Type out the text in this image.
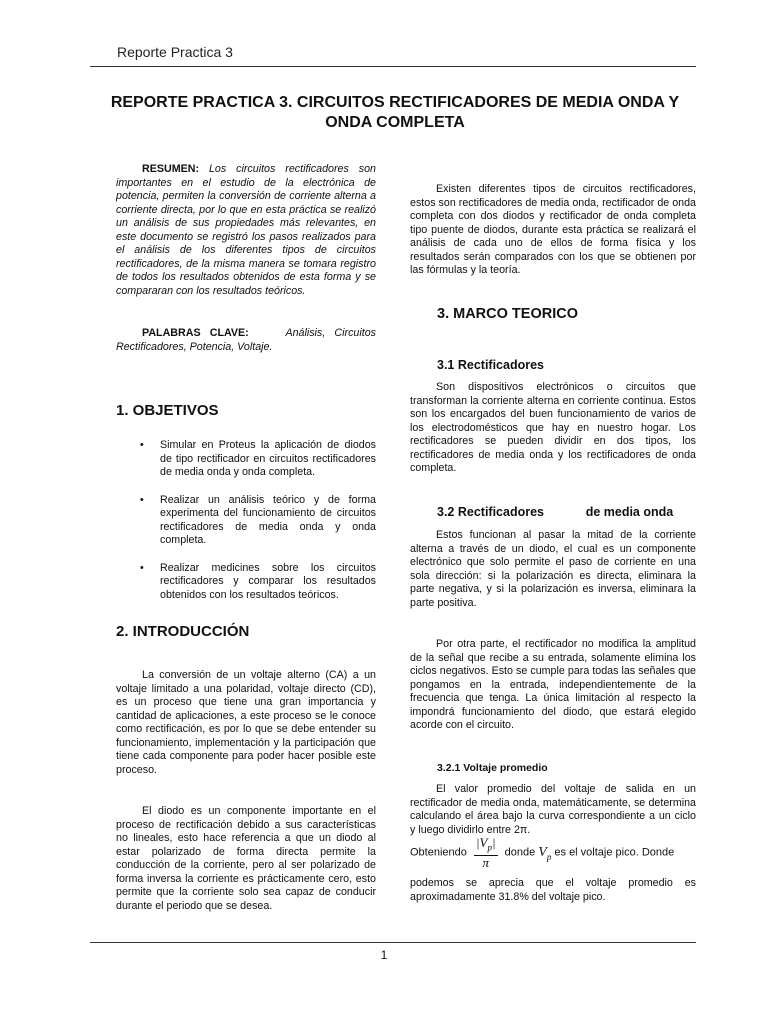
Reporte Practica 3
REPORTE PRACTICA 3. CIRCUITOS RECTIFICADORES DE MEDIA ONDA Y ONDA COMPLETA

RESUMEN: Los circuitos rectificadores son importantes en el estudio de la electrónica de potencia, permiten la conversión de corriente alterna a corriente directa, por lo que en esta práctica se realizó un análisis de sus propiedades más relevantes, en este documento se registró los pasos realizados para el análisis de los diferentes tipos de circuitos rectificadores, de la misma manera se tomara registro de todos los resultados obtenidos de esta forma y se compararan con los resultados teóricos.

PALABRAS CLAVE:	Análisis, Circuitos Rectificadores, Potencia, Voltaje.

1. OBJETIVOS
• Simular en Proteus la aplicación de diodos de tipo rectificador en circuitos rectificadores de media onda y onda completa.
• Realizar un análisis teórico y de forma experimenta del funcionamiento de circuitos rectificadores de media onda y onda completa.
• Realizar medicines sobre los circuitos rectificadores y comparar los resultados obtenidos con los resultados teóricos.
2. INTRODUCCIÓN

La conversión de un voltaje alterno (CA) a un voltaje limitado a una polaridad, voltaje directo (CD), es un proceso que tiene una gran importancia y cantidad de aplicaciones, a este proceso se le conoce como rectificación, es por lo que se debe entender su funcionamiento, implementación y la participación que tiene cada componente para poder hacer posible este proceso.

El diodo es un componente importante en el proceso de rectificación debido a sus características no lineales, esto hace referencia a que un diodo al estar polarizado de forma directa permite la conducción de la corriente, pero al ser polarizado de forma inversa la corriente es prácticamente cero, esto permite que la corriente solo sea capaz de conducir durante el periodo que se desea.

Existen diferentes tipos de circuitos rectificadores, estos son rectificadores de media onda, rectificador de onda completa con dos diodos y rectificador de onda completa tipo puente de diodos, durante esta práctica se realizará el análisis de cada uno de ellos de forma física y los resultados serán comparados con los que se obtienen por las fórmulas y la teoría.

3. MARCO TEORICO
3.1 Rectificadores

Son dispositivos electrónicos o circuitos que transforman la corriente alterna en corriente continua. Estos son los encargados del buen funcionamiento de varios de los electrodomésticos que hay en nuestro hogar. Los rectificadores se pueden dividir en dos tipos, los rectificadores de media onda y los rectificadores de onda completa.

3.2 Rectificadores	de media onda

Estos funcionan al pasar la mitad de la corriente alterna a través de un diodo, el cual es un componente electrónico que solo permite el paso de corriente en una sola dirección: si la polarización es directa, eliminara la parte negativa, y si la polarización es inversa, eliminara la parte positiva.

Por otra parte, el rectificador no modifica la amplitud de la señal que recibe a su entrada, solamente elimina los ciclos negativos. Esto se cumple para todas las señales que pongamos en la entrada, independientemente de la frecuencia que tenga. La única limitación al respecto la impondrá funcionamiento del diodo, que estará elegido acorde con el circuito.

3.2.1 Voltaje promedio

El valor promedio del voltaje de salida en un rectificador de media onda, matemáticamente, se determina calculando el área bajo la curva correspondiente a un ciclo y luego dividirlo entre 2π.

Obteniendo $\frac{|V_p|}{\pi}$ donde $V_p$ es el voltaje pico. Donde

podemos se aprecia que el voltaje promedio es aproximadamente 31.8% del voltaje pico.

1
